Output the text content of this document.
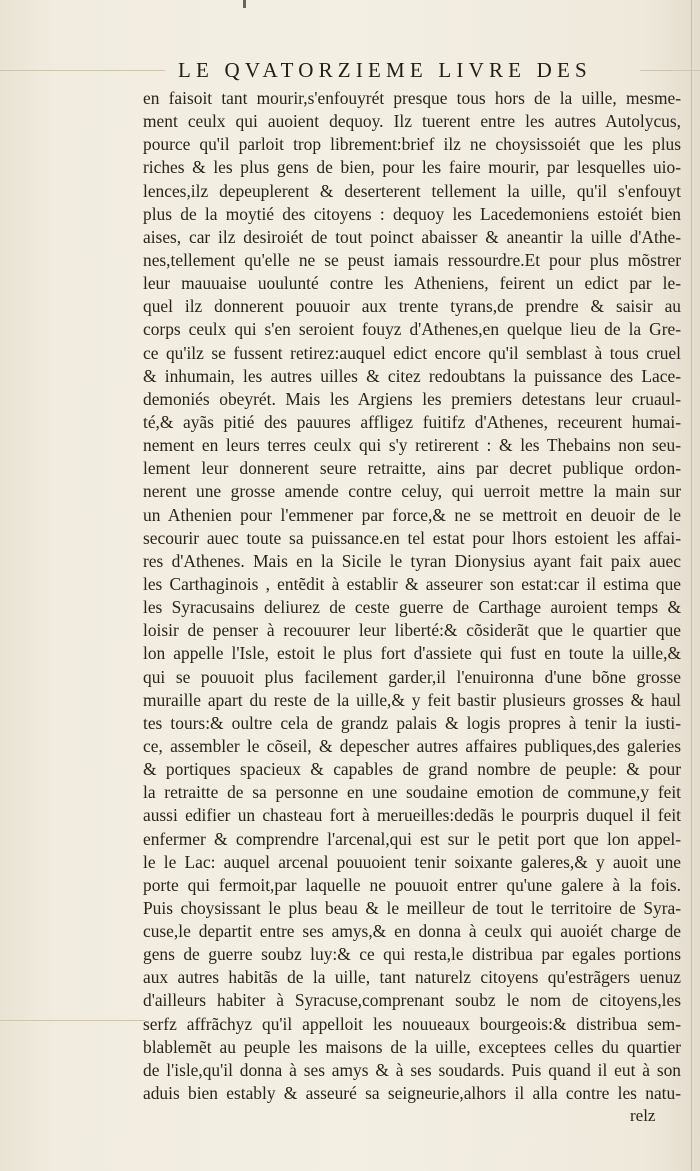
LE QVATORZIEME LIVRE DES
en faisoit tant mourir,s'enfouyrét presque tous hors de la uille, mesme-
ment ceulx qui auoient dequoy. Ilz tuerent entre les autres Autolycus,
pource qu'il parloit trop librement:brief ilz ne choysissoiét que les plus
riches & les plus gens de bien, pour les faire mourir, par lesquelles uio-
lences,ilz depeuplerent & deserterent tellement la uille, qu'il s'enfouyt
plus de la moytié des citoyens : dequoy les Lacedemoniens estoiét bien
aises, car ilz desiroiét de tout poinct abaisser & aneantir la uille d'Athe-
nes,tellement qu'elle ne se peust iamais ressourdre.Et pour plus mõstrer
leur mauuaise uoulunté contre les Atheniens, feirent un edict par le-
quel ilz donnerent pouuoir aux trente tyrans,de prendre & saisir au
corps ceulx qui s'en seroient fouyz d'Athenes,en quelque lieu de la Gre-
ce qu'ilz se fussent retirez:auquel edict encore qu'il semblast à tous cruel
& inhumain, les autres uilles & citez redoubtans la puissance des Lace-
demoniés obeyrét. Mais les Argiens les premiers detestans leur cruaul-
té,& ayãs pitié des pauures affligez fuitifz d'Athenes, receurent humai-
nement en leurs terres ceulx qui s'y retirerent : & les Thebains non seu-
lement leur donnerent seure retraitte, ains par decret publique ordon-
nerent une grosse amende contre celuy, qui uerroit mettre la main sur
un Athenien pour l'emmener par force,& ne se mettroit en deuoir de le
secourir auec toute sa puissance.en tel estat pour lhors estoient les affai-
res d'Athenes. Mais en la Sicile le tyran Dionysius ayant fait paix auec
les Carthaginois , entẽdit à establir & asseurer son estat:car il estima que
les Syracusains deliurez de ceste guerre de Carthage auroient temps &
loisir de penser à recouurer leur liberté:& cõsiderãt que le quartier que
lon appelle l'Isle, estoit le plus fort d'assiete qui fust en toute la uille,&
qui se pouuoit plus facilement garder,il l'enuironna d'une bõne grosse
muraille apart du reste de la uille,& y feit bastir plusieurs grosses & haul
tes tours:& oultre cela de grandz palais & logis propres à tenir la iusti-
ce, assembler le cõseil, & depescher autres affaires publiques,des galeries
& portiques spacieux & capables de grand nombre de peuple: & pour
la retraitte de sa personne en une soudaine emotion de commune,y feit
aussi edifier un chasteau fort à merueilles:dedãs le pourpris duquel il feit
enfermer & comprendre l'arcenal,qui est sur le petit port que lon appel-
le le Lac: auquel arcenal pouuoient tenir soixante galeres,& y auoit une
porte qui fermoit,par laquelle ne pouuoit entrer qu'une galere à la fois.
Puis choysissant le plus beau & le meilleur de tout le territoire de Syra-
cuse,le departit entre ses amys,& en donna à ceulx qui auoiét charge de
gens de guerre soubz luy:& ce qui resta,le distribua par egales portions
aux autres habitãs de la uille, tant naturelz citoyens qu'estrãgers uenuz
d'ailleurs habiter à Syracuse,comprenant soubz le nom de citoyens,les
serfz affrãchyz qu'il appelloit les nouueaux bourgeois:& distribua sem-
blablemẽt au peuple les maisons de la uille, exceptees celles du quartier
de l'isle,qu'il donna à ses amys & à ses soudards. Puis quand il eut à son
aduis bien estably & asseuré sa seigneurie,alhors il alla contre les natu-
relz
